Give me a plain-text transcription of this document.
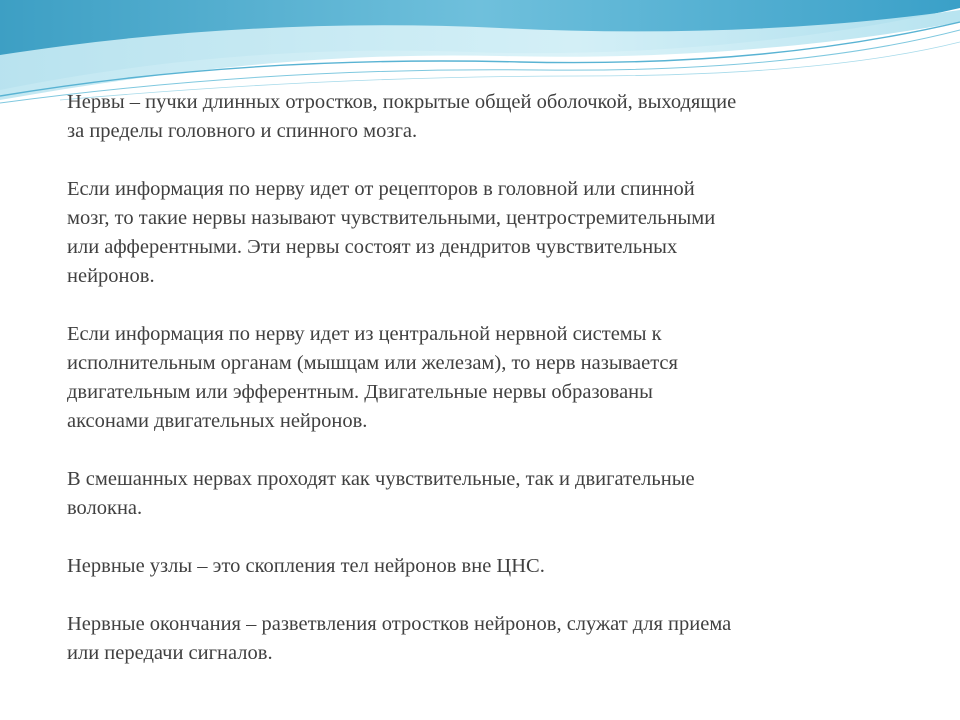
Нервы – пучки длинных отростков, покрытые общей оболочкой, выходящие
за пределы головного и спинного мозга.

Если информация по нерву идет от рецепторов в головной или спинной
мозг, то такие нервы называют чувствительными, центростремительными
или афферентными. Эти нервы состоят из дендритов чувствительных
нейронов.

Если информация по нерву идет из центральной нервной системы к
исполнительным органам (мышцам или железам), то нерв называется
двигательным или эфферентным. Двигательные нервы образованы
аксонами двигательных нейронов.

В смешанных нервах проходят как чувствительные, так и двигательные
волокна.

Нервные узлы – это скопления тел нейронов вне ЦНС.

Нервные окончания – разветвления отростков нейронов, служат для приема
или передачи сигналов.
